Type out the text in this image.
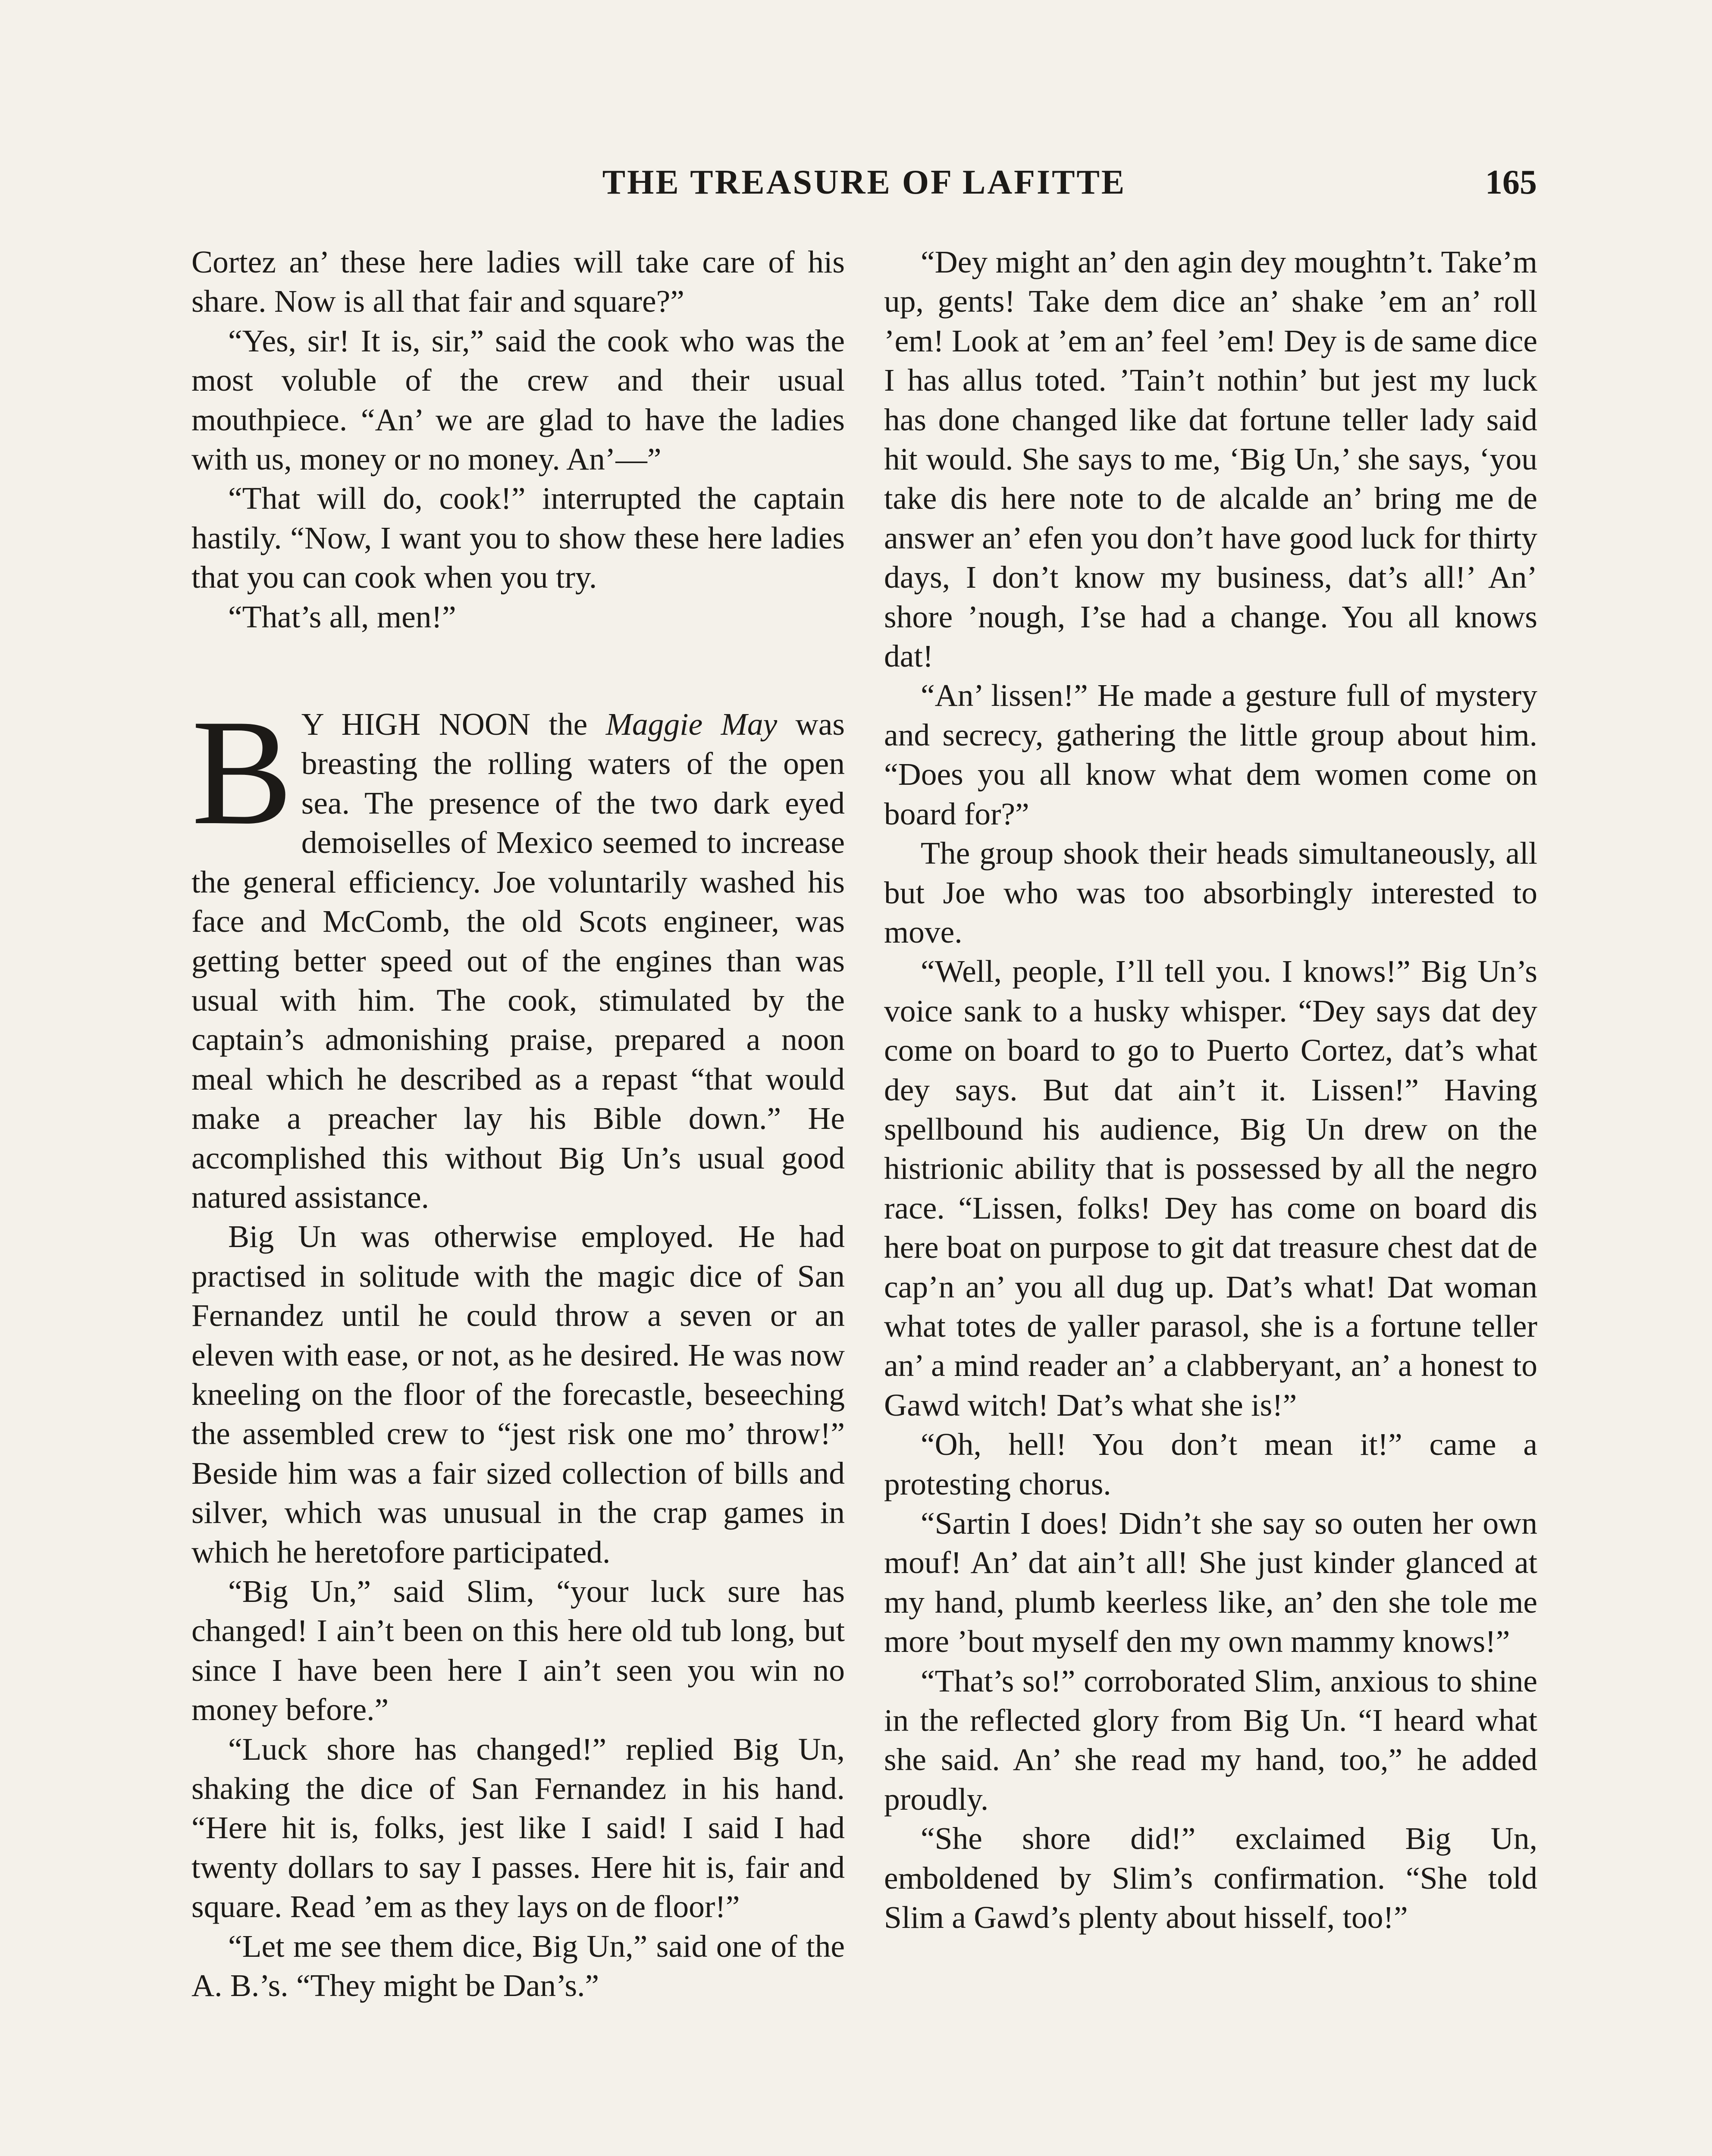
THE TREASURE OF LAFITTE	165

Cortez an’ these here ladies will take care of his share. Now is all that fair and square?”

“Yes, sir! It is, sir,” said the cook who was the most voluble of the crew and their usual mouthpiece. “An’ we are glad to have the ladies with us, money or no money. An’—”

“That will do, cook!” interrupted the captain hastily. “Now, I want you to show these here ladies that you can cook when you try.

“That’s all, men!”

B Y HIGH NOON the Maggie May was breasting the rolling waters of the open sea. The presence of the two dark eyed demoiselles of Mexico seemed to increase the general efficiency. Joe voluntarily washed his face and McComb, the old Scots engineer, was getting better speed out of the engines than was usual with him. The cook, stimulated by the captain’s admonishing praise, prepared a noon meal which he described as a repast “that would make a preacher lay his Bible down.” He accomplished this without Big Un’s usual good natured assistance.

Big Un was otherwise employed. He had practised in solitude with the magic dice of San Fernandez until he could throw a seven or an eleven with ease, or not, as he desired. He was now kneeling on the floor of the forecastle, beseeching the assembled crew to “jest risk one mo’ throw!” Beside him was a fair sized collection of bills and silver, which was unusual in the crap games in which he heretofore participated.

“Big Un,” said Slim, “your luck sure has changed! I ain’t been on this here old tub long, but since I have been here I ain’t seen you win no money before.”

“Luck shore has changed!” replied Big Un, shaking the dice of San Fernandez in his hand. “Here hit is, folks, jest like I said! I said I had twenty dollars to say I passes. Here hit is, fair and square. Read ’em as they lays on de floor!”

“Let me see them dice, Big Un,” said one of the A. B.’s. “They might be Dan’s.”

“Dey might an’ den agin dey moughtn’t. Take’m up, gents! Take dem dice an’ shake ’em an’ roll ’em! Look at ’em an’ feel ’em! Dey is de same dice I has allus toted. ’Tain’t nothin’ but jest my luck has done changed like dat fortune teller lady said hit would. She says to me, ‘Big Un,’ she says, ‘you take dis here note to de alcalde an’ bring me de answer an’ efen you don’t have good luck for thirty days, I don’t know my business, dat’s all!’ An’ shore ’nough, I’se had a change. You all knows dat!

“An’ lissen!” He made a gesture full of mystery and secrecy, gathering the little group about him. “Does you all know what dem women come on board for?”

The group shook their heads simultaneously, all but Joe who was too absorbingly interested to move.

“Well, people, I’ll tell you. I knows!” Big Un’s voice sank to a husky whisper. “Dey says dat dey come on board to go to Puerto Cortez, dat’s what dey says. But dat ain’t it. Lissen!” Having spellbound his audience, Big Un drew on the histrionic ability that is possessed by all the negro race. “Lissen, folks! Dey has come on board dis here boat on purpose to git dat treasure chest dat de cap’n an’ you all dug up. Dat’s what! Dat woman what totes de yaller parasol, she is a fortune teller an’ a mind reader an’ a clabberyant, an’ a honest to Gawd witch! Dat’s what she is!”

“Oh, hell! You don’t mean it!” came a protesting chorus.

“Sartin I does! Didn’t she say so outen her own mouf! An’ dat ain’t all! She just kinder glanced at my hand, plumb keerless like, an’ den she tole me more ’bout myself den my own mammy knows!”

“That’s so!” corroborated Slim, anxious to shine in the reflected glory from Big Un. “I heard what she said. An’ she read my hand, too,” he added proudly.

“She shore did!” exclaimed Big Un, emboldened by Slim’s confirmation. “She told Slim a Gawd’s plenty about hisself, too!”
